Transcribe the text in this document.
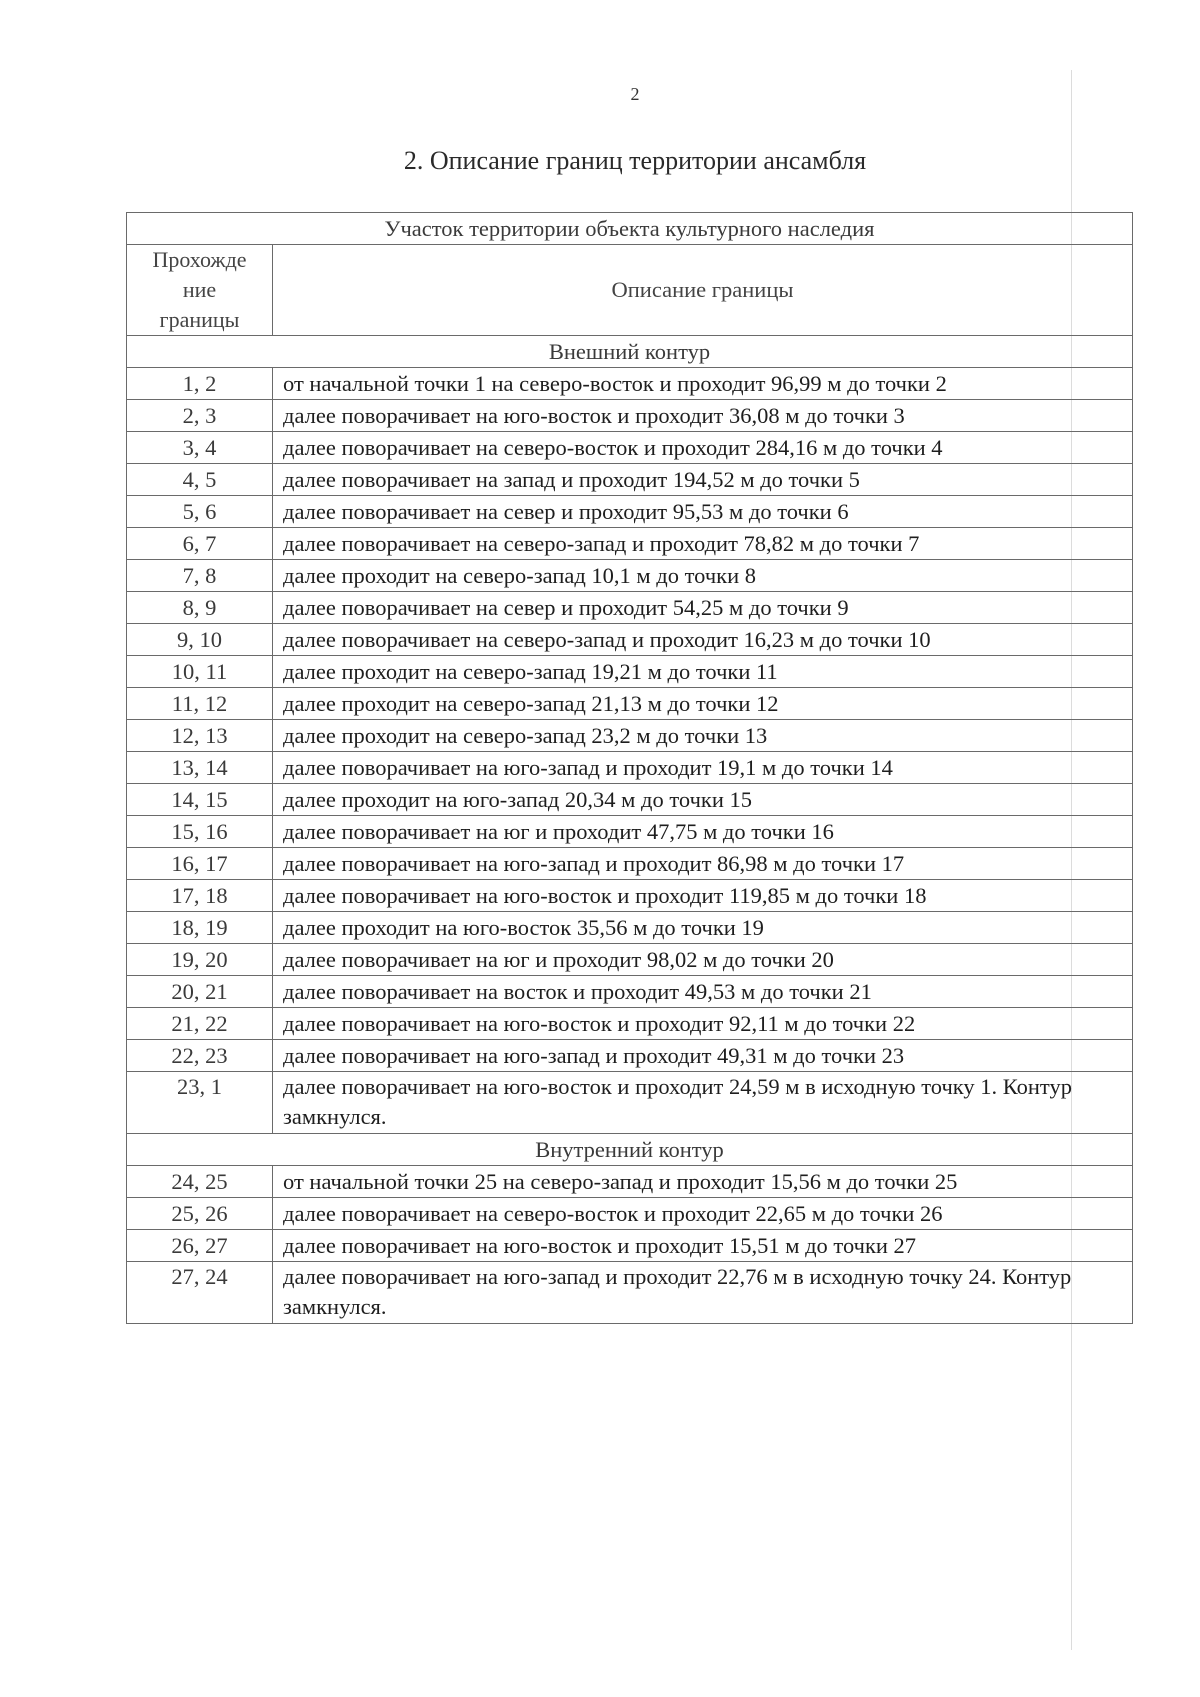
2
2. Описание границ территории ансамбля
Участок территории объекта культурного наследия	

Прохожде
ние
границы	Описание границы
Внешний контур	
1, 2	от начальной точки 1 на северо-восток и проходит 96,99 м до точки 2
2, 3	далее поворачивает на юго-восток и проходит 36,08 м до точки 3
3, 4	далее поворачивает на северо-восток и проходит 284,16 м до точки 4
4, 5	далее поворачивает на запад и проходит 194,52 м до точки 5
5, 6	далее поворачивает на север и проходит 95,53 м до точки 6
6, 7	далее поворачивает на северо-запад и проходит 78,82 м до точки 7
7, 8	далее проходит на северо-запад 10,1 м до точки 8
8, 9	далее поворачивает на север и проходит 54,25 м до точки 9
9, 10	далее поворачивает на северо-запад и проходит 16,23 м до точки 10
10, 11	далее проходит на северо-запад 19,21 м до точки 11
11, 12	далее проходит на северо-запад 21,13 м до точки 12
12, 13	далее проходит на северо-запад 23,2 м до точки 13
13, 14	далее поворачивает на юго-запад и проходит 19,1 м до точки 14
14, 15	далее проходит на юго-запад 20,34 м до точки 15
15, 16	далее поворачивает на юг и проходит 47,75 м до точки 16
16, 17	далее поворачивает на юго-запад и проходит 86,98 м до точки 17
17, 18	далее поворачивает на юго-восток и проходит 119,85 м до точки 18
18, 19	далее проходит на юго-восток 35,56 м до точки 19
19, 20	далее поворачивает на юг и проходит 98,02 м до точки 20
20, 21	далее поворачивает на восток и проходит 49,53 м до точки 21
21, 22	далее поворачивает на юго-восток и проходит 92,11 м до точки 22
22, 23	далее поворачивает на юго-запад и проходит 49,31 м до точки 23
23, 1	далее поворачивает на юго-восток и проходит 24,59 м в исходную точку 1. Контур замкнулся.
Внутренний контур	
24, 25	от начальной точки 25 на северо-запад и проходит 15,56 м до точки 25
25, 26	далее поворачивает на северо-восток и проходит 22,65 м до точки 26
26, 27	далее поворачивает на юго-восток и проходит 15,51 м до точки 27
27, 24	далее поворачивает на юго-запад и проходит 22,76 м в исходную точку 24. Контур замкнулся.
